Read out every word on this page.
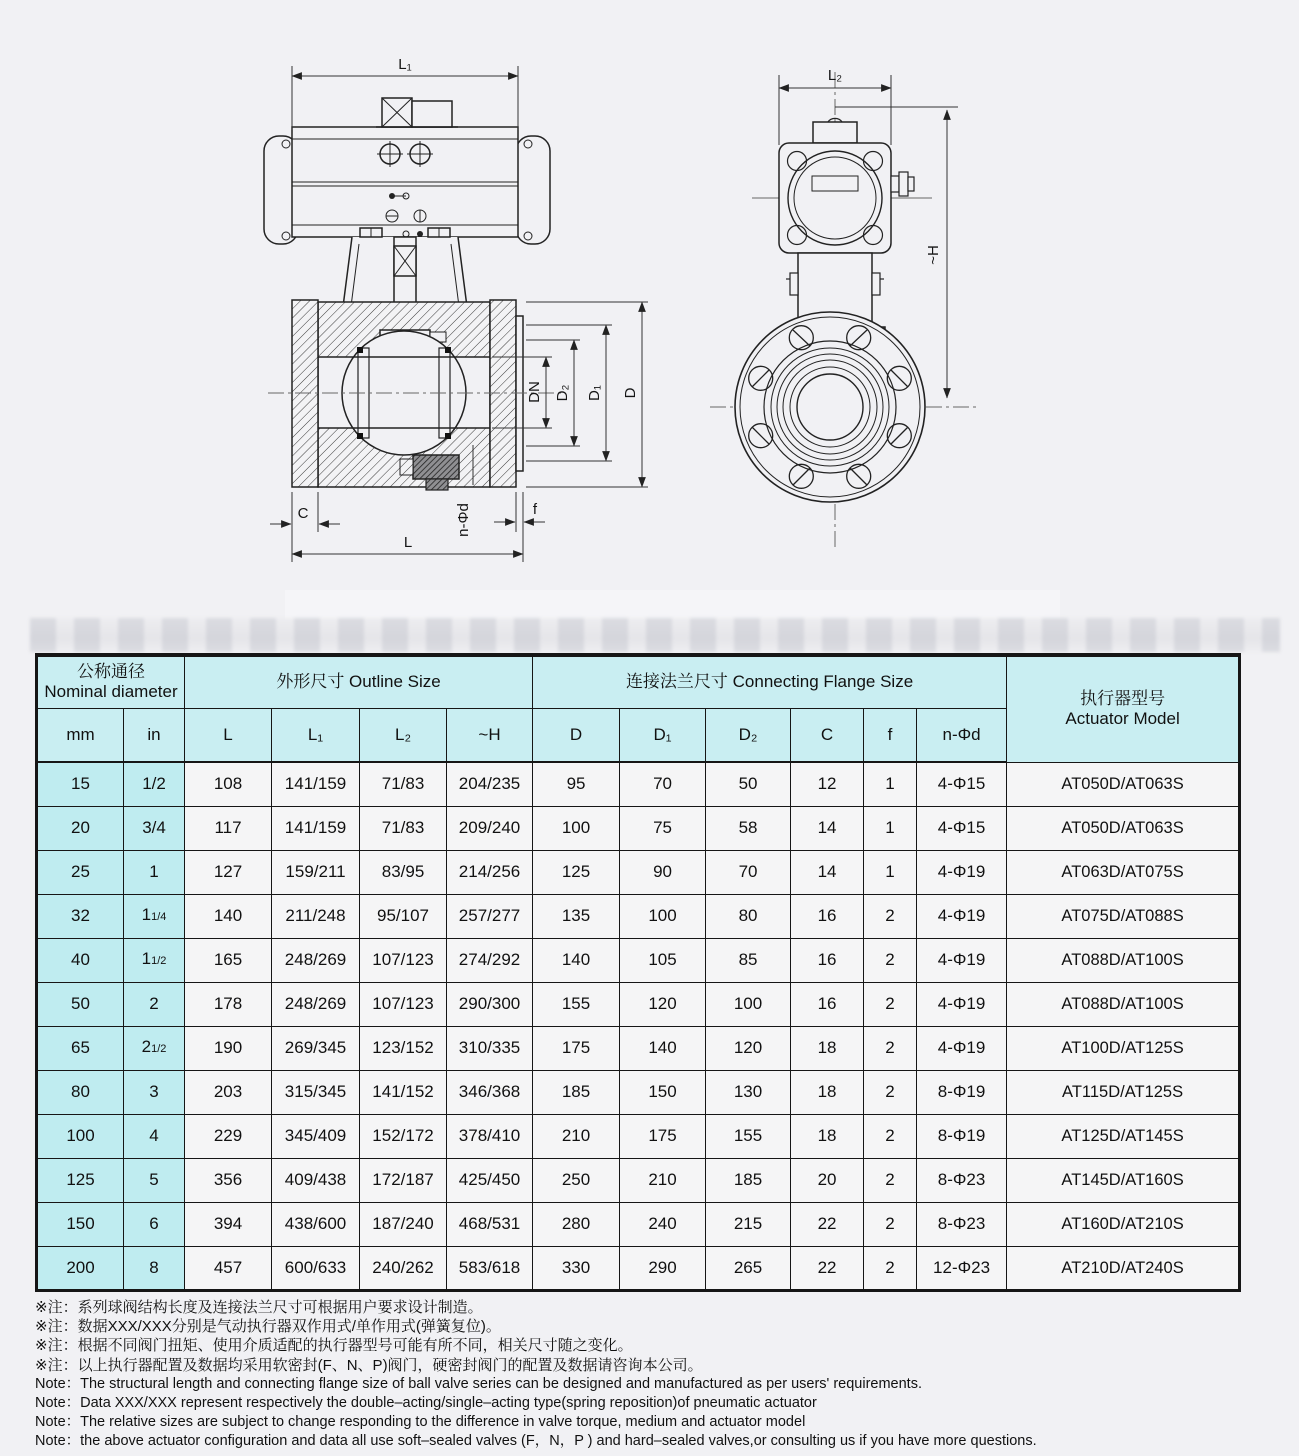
L₁
DN D₂ D₁ D
C
L
n-Φd	f
L₂
~H
公称通径
Nominal diameter
	外形尺寸 Outline Size	连接法兰尺寸 Connecting Flange Size	
执行器型号
Actuator Model

mm	in	L	L₁	L₂	~H	D	D₁	D₂	C	f	n-Φd	
15	1/2	108	141/159	71/83	204/235	95	70	50	12	1	4-Φ15	AT050D/AT063S
20	3/4	117	141/159	71/83	209/240	100	75	58	14	1	4-Φ15	AT050D/AT063S
25	1	127	159/211	83/95	214/256	125	90	70	14	1	4-Φ19	AT063D/AT075S
32	11/4	140	211/248	95/107	257/277	135	100	80	16	2	4-Φ19	AT075D/AT088S
40	11/2	165	248/269	107/123	274/292	140	105	85	16	2	4-Φ19	AT088D/AT100S
50	2	178	248/269	107/123	290/300	155	120	100	16	2	4-Φ19	AT088D/AT100S
65	21/2	190	269/345	123/152	310/335	175	140	120	18	2	4-Φ19	AT100D/AT125S
80	3	203	315/345	141/152	346/368	185	150	130	18	2	8-Φ19	AT115D/AT125S
100	4	229	345/409	152/172	378/410	210	175	155	18	2	8-Φ19	AT125D/AT145S
125	5	356	409/438	172/187	425/450	250	210	185	20	2	8-Φ23	AT145D/AT160S
150	6	394	438/600	187/240	468/531	280	240	215	22	2	8-Φ23	AT160D/AT210S
200	8	457	600/633	240/262	583/618	330	290	265	22	2	12-Φ23	AT210D/AT240S
※注：系列球阀结构长度及连接法兰尺寸可根据用户要求设计制造。
※注：数据XXX/XXX分别是气动执行器双作用式/单作用式(弹簧复位)。
※注：根据不同阀门扭矩、使用介质适配的执行器型号可能有所不同，相关尺寸随之变化。
※注：以上执行器配置及数据均采用软密封(F、N、P)阀门，硬密封阀门的配置及数据请咨询本公司。
Note：The structural length and connecting flange size of ball valve series can be designed and manufactured as per users' requirements.
Note：Data XXX/XXX represent respectively the double–acting/single–acting type(spring reposition)of pneumatic actuator
Note：The relative sizes are subject to change responding to the difference in valve torque, medium and actuator model
Note：the above actuator configuration and data all use soft–sealed valves (F，N，P ) and hard–sealed valves,or consulting us if you have more questions.
